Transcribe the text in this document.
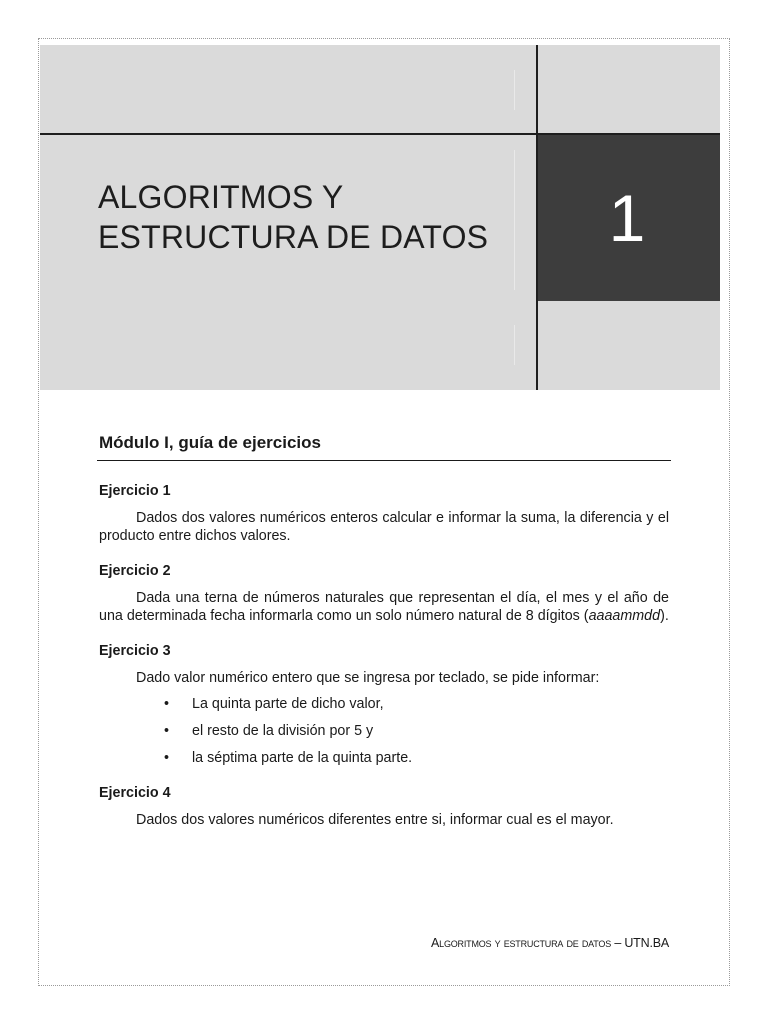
ALGORITMOS Y
ESTRUCTURA DE DATOS 1
Módulo I, guía de ejercicios

Ejercicio 1

Dados dos valores numéricos enteros calcular e informar la suma, la diferencia y el producto entre dichos valores.

Ejercicio 2

Dada una terna de números naturales que representan el día, el mes y el año de una determinada fecha informarla como un solo número natural de 8 dígitos (aaaammdd).

Ejercicio 3

Dado valor numérico entero que se ingresa por teclado, se pide informar:

• La quinta parte de dicho valor,
• el resto de la división por 5 y
• la séptima parte de la quinta parte.

Ejercicio 4

Dados dos valores numéricos diferentes entre si, informar cual es el mayor.

Algoritmos y estructura de datos – UTN.BA
